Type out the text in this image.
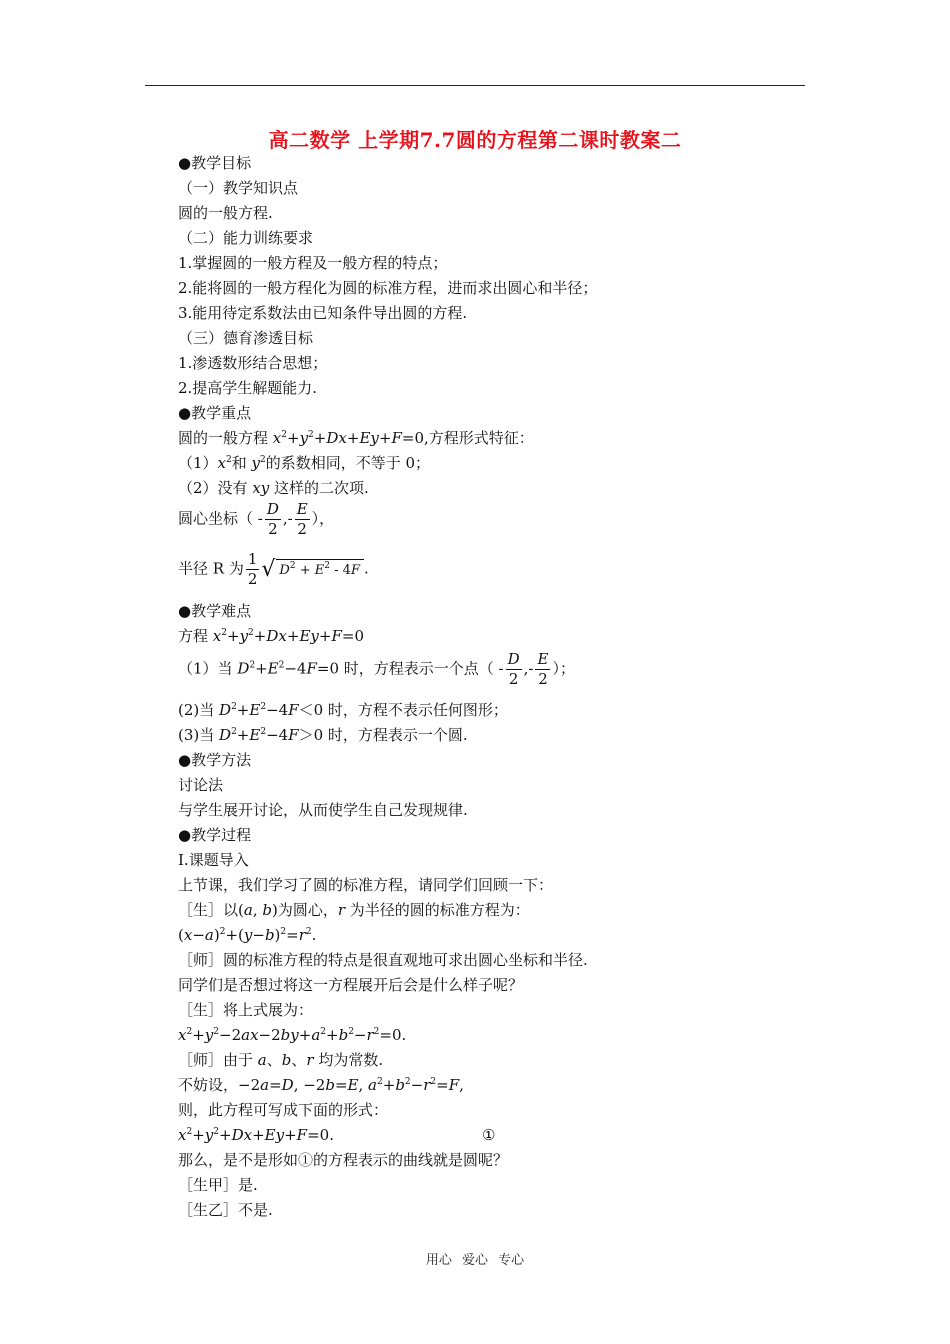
高二数学 上学期7.7圆的方程第二课时教案二
●教学目标
（一）教学知识点
圆的一般方程.
（二）能力训练要求
1.掌握圆的一般方程及一般方程的特点；
2.能将圆的一般方程化为圆的标准方程，进而求出圆心和半径；
3.能用待定系数法由已知条件导出圆的方程.
（三）德育渗透目标
1.渗透数形结合思想；
2.提高学生解题能力.
●教学重点
圆的一般方程 $x^2+y^2+Dx+Ey+F=0$,方程形式特征：
$(1)x^2$和 $y^2$的系数相同，不等于 0；
（2）没有 xy 这样的二次项.
圆心坐标（ - $\frac{D}{2}$ ,- $\frac{E}{2}$ ），
半径 R 为 $\frac{1}{2}$ √ $D^2 + E^2 - 4F$ .
●教学难点
方程 $x^2+y^2+Dx+Ey+F=0$
（1）当 $D^2+E^2-4F=0$ 时，方程表示一个点（ - $\frac{D}{2}$ ,- $\frac{E}{2}$ ）；
(2)当 $D^2+E^2-4F<0$ 时，方程不表示任何图形；
(3)当 $D^2+E^2-4F>0$ 时，方程表示一个圆.
●教学方法
讨论法
与学生展开讨论，从而使学生自己发现规律.
●教学过程
Ⅰ.课题导入
上节课，我们学习了圆的标准方程，请同学们回顾一下：
［生］以(a, b)为圆心，r 为半径的圆的标准方程为：
$(x-a)^2+(y-b)^2=r^2$.
［师］圆的标准方程的特点是很直观地可求出圆心坐标和半径.
同学们是否想过将这一方程展开后会是什么样子呢？
［生］将上式展为：
$x^2+y^2-2ax-2by+a^2+b^2-r^2=0$.
［师］由于 a、b、r 均为常数.
不妨设，−2a=D, −2b=E, $a^2+b^2-r^2=F$,
则，此方程可写成下面的形式：
$x^2+y^2+Dx+Ey+F=0$.	①
那么，是不是形如①的方程表示的曲线就是圆呢？
［生甲］是.
［生乙］不是.
用心 爱心 专心
